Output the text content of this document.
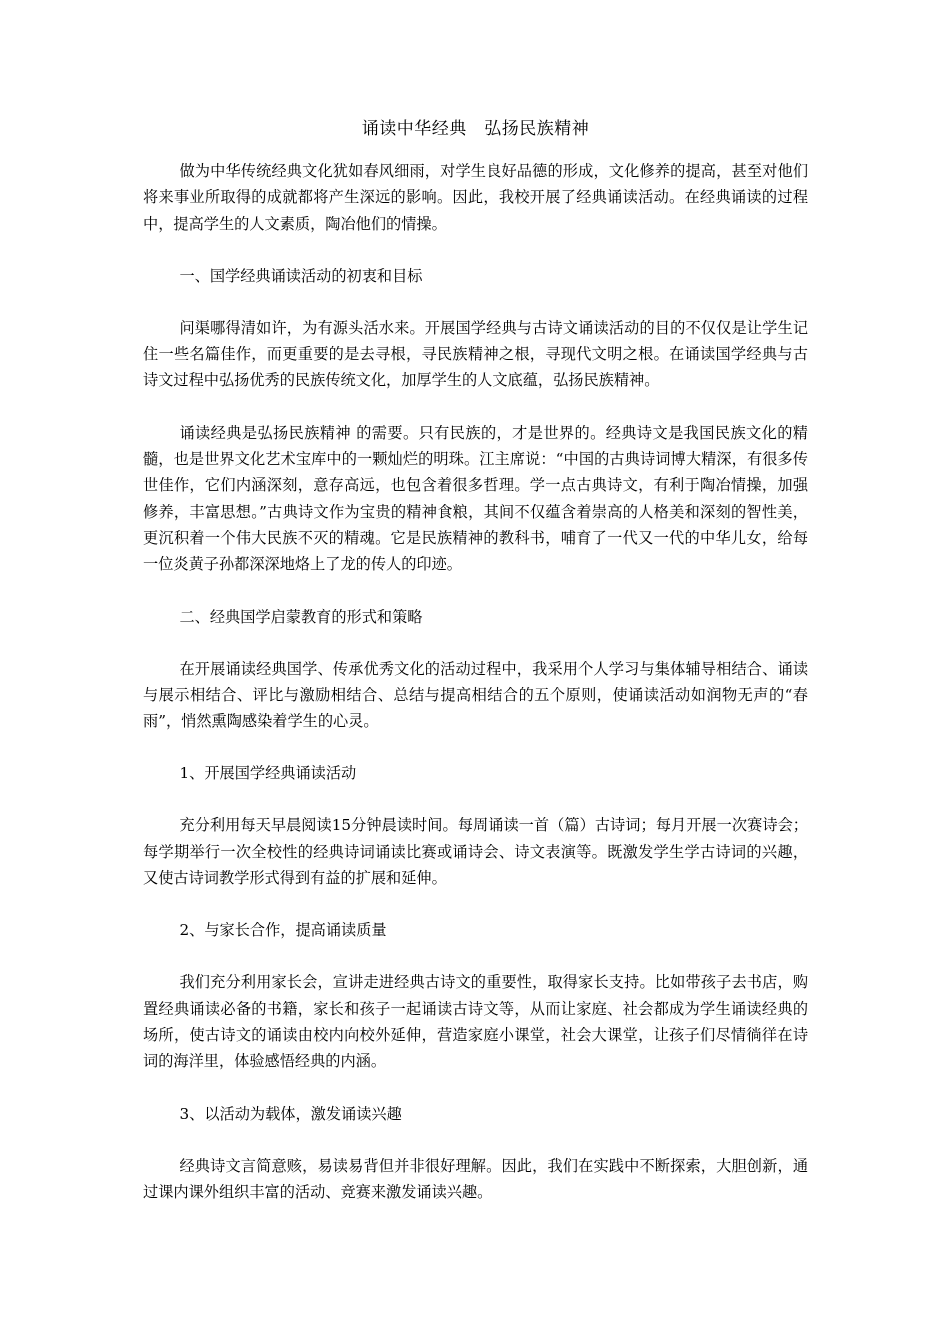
诵读中华经典　弘扬民族精神

做为中华传统经典文化犹如春风细雨，对学生良好品德的形成，文化修养的提高，甚至对他们将来事业所取得的成就都将产生深远的影响。因此，我校开展了经典诵读活动。在经典诵读的过程中，提高学生的人文素质，陶冶他们的情操。

一、国学经典诵读活动的初衷和目标

问渠哪得清如许，为有源头活水来。开展国学经典与古诗文诵读活动的目的不仅仅是让学生记住一些名篇佳作，而更重要的是去寻根，寻民族精神之根，寻现代文明之根。在诵读国学经典与古诗文过程中弘扬优秀的民族传统文化，加厚学生的人文底蕴，弘扬民族精神。

诵读经典是弘扬民族精神 的需要。只有民族的，才是世界的。经典诗文是我国民族文化的精髓，也是世界文化艺术宝库中的一颗灿烂的明珠。江主席说：“中国的古典诗词博大精深，有很多传世佳作，它们内涵深刻，意存高远，也包含着很多哲理。学一点古典诗文，有利于陶冶情操，加强修养，丰富思想。”古典诗文作为宝贵的精神食粮，其间不仅蕴含着崇高的人格美和深刻的智性美，更沉积着一个伟大民族不灭的精魂。它是民族精神的教科书，哺育了一代又一代的中华儿女，给每一位炎黄子孙都深深地烙上了龙的传人的印迹。

二、经典国学启蒙教育的形式和策略

在开展诵读经典国学、传承优秀文化的活动过程中，我采用个人学习与集体辅导相结合、诵读与展示相结合、评比与激励相结合、总结与提高相结合的五个原则，使诵读活动如润物无声的“春雨”，悄然熏陶感染着学生的心灵。

1、开展国学经典诵读活动

充分利用每天早晨阅读15分钟晨读时间。每周诵读一首（篇）古诗词；每月开展一次赛诗会；每学期举行一次全校性的经典诗词诵读比赛或诵诗会、诗文表演等。既激发学生学古诗词的兴趣，又使古诗词教学形式得到有益的扩展和延伸。

2、与家长合作，提高诵读质量

我们充分利用家长会，宣讲走进经典古诗文的重要性，取得家长支持。比如带孩子去书店，购置经典诵读必备的书籍，家长和孩子一起诵读古诗文等，从而让家庭、社会都成为学生诵读经典的场所，使古诗文的诵读由校内向校外延伸，营造家庭小课堂，社会大课堂，让孩子们尽情徜徉在诗词的海洋里，体验感悟经典的内涵。

3、以活动为载体，激发诵读兴趣

经典诗文言简意赅，易读易背但并非很好理解。因此，我们在实践中不断探索，大胆创新，通过课内课外组织丰富的活动、竞赛来激发诵读兴趣。
